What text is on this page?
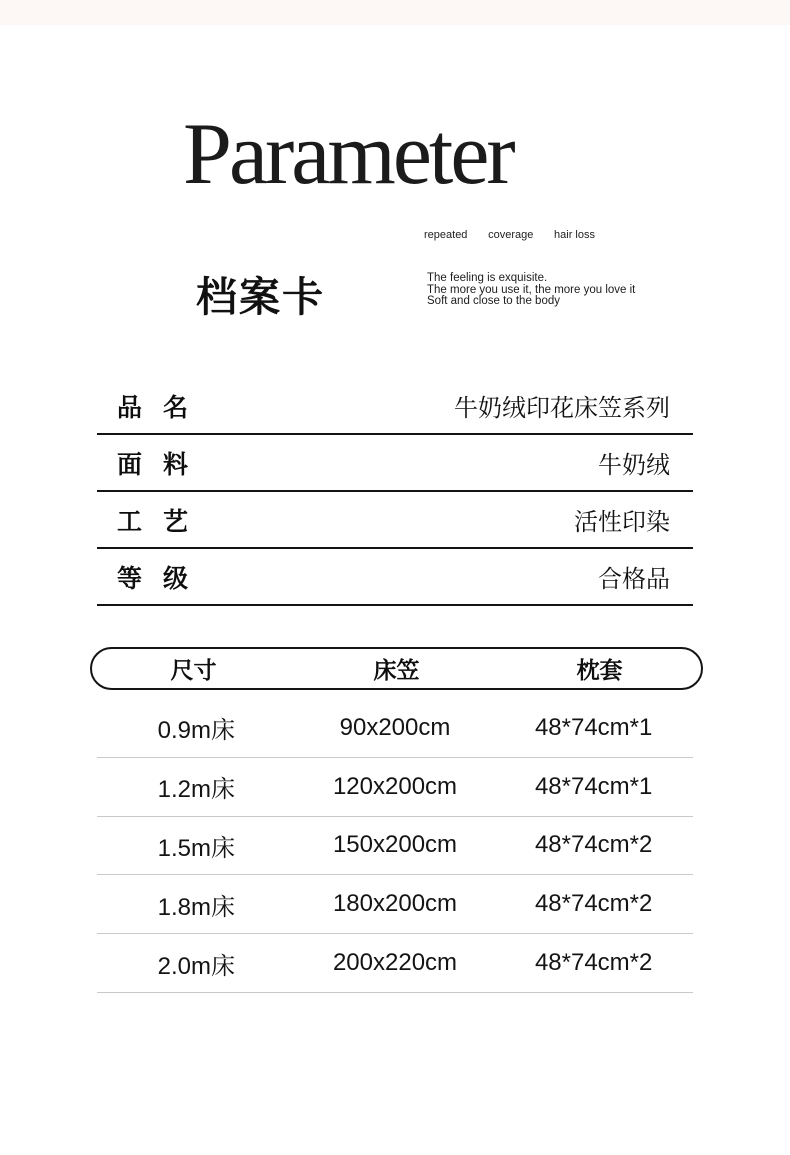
Parameter
repeated coverage hair loss
档案卡	The feeling is exquisite.
The more you use it, the more you love it
Soft and close to the body
品 名	牛奶绒印花床笠系列
面 料	牛奶绒
工 艺	活性印染
等 级	合格品
尺寸	床笠	枕套
0.9m床	90x200cm	48*74cm*1
1.2m床	120x200cm	48*74cm*1
1.5m床	150x200cm	48*74cm*2
1.8m床	180x200cm	48*74cm*2
2.0m床	200x220cm	48*74cm*2
